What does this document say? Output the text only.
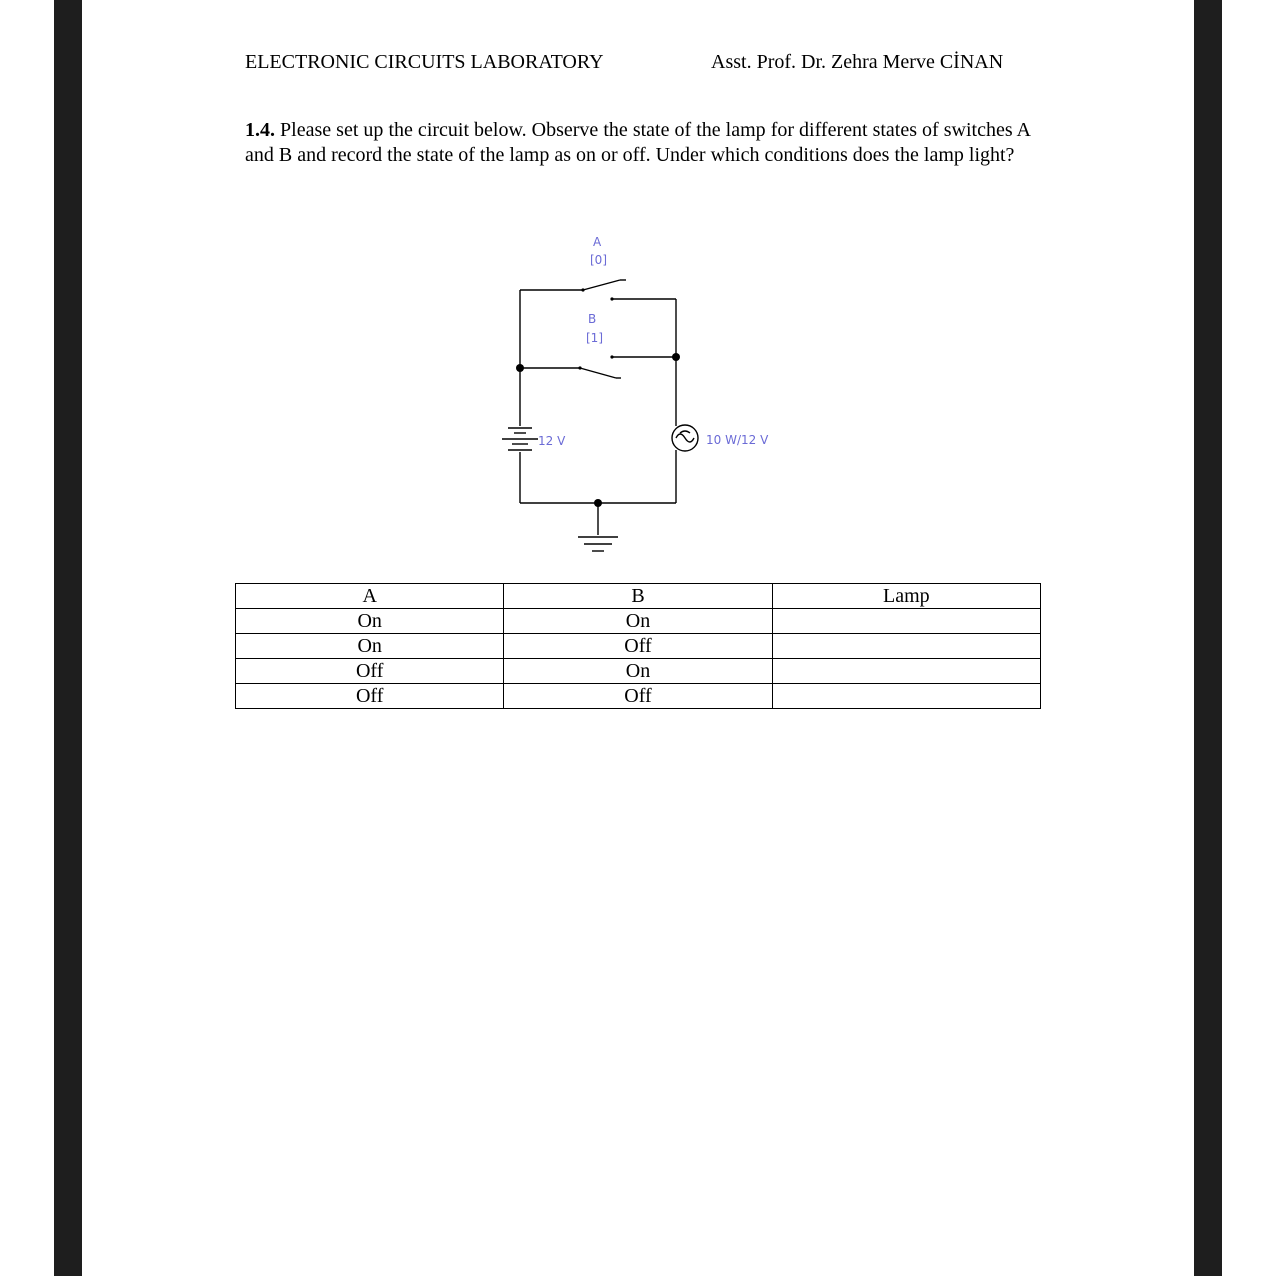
ELECTRONIC CIRCUITS LABORATORY	Asst. Prof. Dr. Zehra Merve CİNAN
1.4. Please set up the circuit below. Observe the state of the lamp for different states of switches A and B and record the state of the lamp as on or off. Under which conditions does the lamp light?
A
[0]
B
[1]
12 V	10 W/12 V
A	B	Lamp
On	On	
On	Off	
Off	On	
Off	Off	
